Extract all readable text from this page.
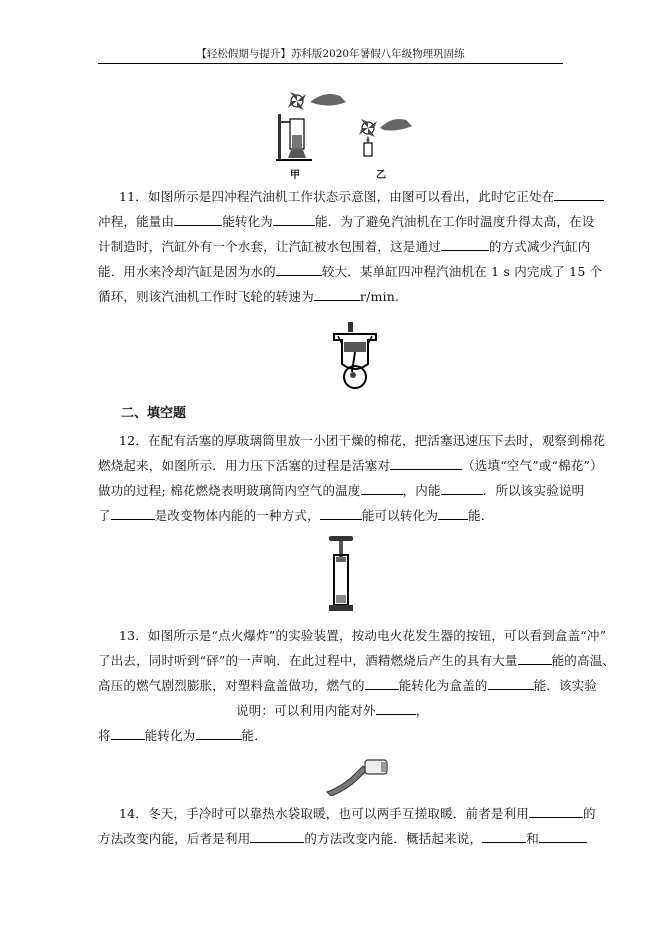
【轻松假期与提升】苏科版2020年暑假八年级物理巩固练
甲	乙
11．如图所示是四冲程汽油机工作状态示意图，由图可以看出，此时它正处在
冲程，能量由	能转化为	能．为了避免汽油机在工作时温度升得太高，在设
计制造时，汽缸外有一个水套，让汽缸被水包围着，这是通过	的方式减少汽缸内
能．用水来冷却汽缸是因为水的	较大．某单缸四冲程汽油机在 1 s 内完成了 15 个
循环，则该汽油机工作时飞轮的转速为	r/min.
二、填空题
12．在配有活塞的厚玻璃筒里放一小团干燥的棉花，把活塞迅速压下去时，观察到棉花
燃烧起来，如图所示．用力压下活塞的过程是活塞对	（选填“空气”或“棉花”）
做功的过程; 棉花燃烧表明玻璃筒内空气的温度	，内能	．所以该实验说明
了	是改变物体内能的一种方式，	能可以转化为 能．
13．如图所示是“点火爆炸”的实验装置，按动电火花发生器的按钮，可以看到盒盖“冲”
了出去，同时听到“砰”的一声响．在此过程中，酒精燃烧后产生的具有大量	能的高温、
高压的燃气剧烈膨胀，对塑料盒盖做功，燃气的	能转化为盒盖的	能．该实验
说明：可以利用内能对外	，
将	能转化为	能．
14．冬天，手冷时可以靠热水袋取暖，也可以两手互搓取暖．前者是利用	的
方法改变内能，后者是利用	的方法改变内能．概括起来说，	和
